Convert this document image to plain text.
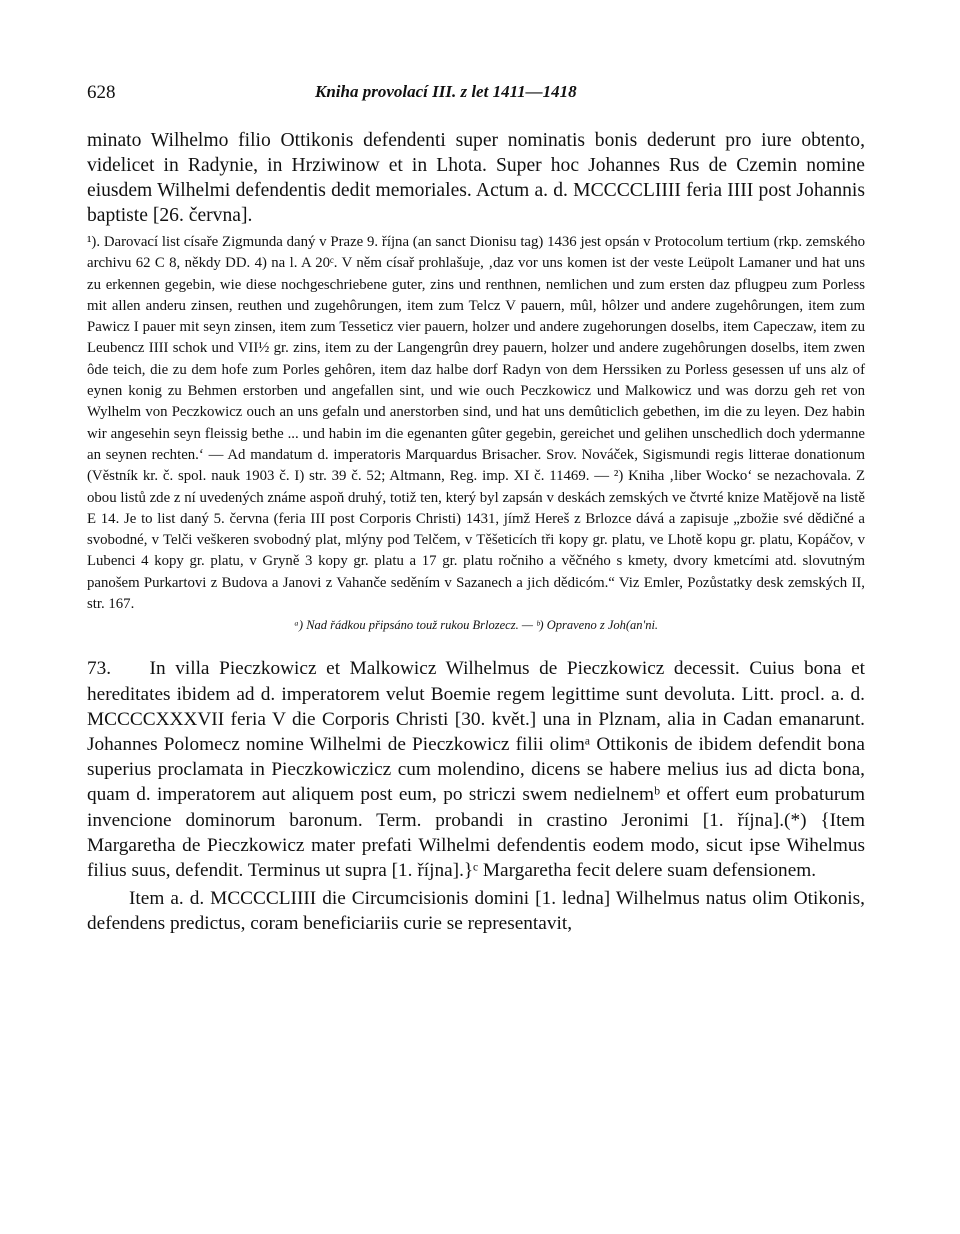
628	Kniha provolací III. z let 1411—1418

minato Wilhelmo filio Ottikonis defendenti super nominatis bonis dederunt pro iure obtento, videlicet in Radynie, in Hrziwinow et in Lhota. Super hoc Johannes Rus de Czemin nomine eiusdem Wilhelmi defendentis dedit memoriales. Actum a. d. MCCCCLIIII feria IIII post Johannis baptiste [26. června].

¹). Darovací list císaře Zigmunda daný v Praze 9. října (an sanct Dionisu tag) 1436 jest opsán v Protocolum tertium (rkp. zemského archivu 62 C 8, někdy DD. 4) na l. A 20ᶜ. V něm císař prohlašuje, ‚daz vor uns komen ist der veste Leüpolt Lamaner und hat uns zu erkennen gegebin, wie diese nochgeschriebene guter, zins und renthnen, nemlichen und zum ersten daz pflugpeu zum Porless mit allen anderu zinsen, reuthen und zugehôrungen, item zum Telcz V pauern, mûl, hôlzer und andere zugehôrungen, item zum Pawicz I pauer mit seyn zinsen, item zum Tesseticz vier pauern, holzer und andere zugehorungen doselbs, item Capeczaw, item zu Leubencz IIII schok und VII½ gr. zins, item zu der Langengrûn drey pauern, holzer und andere zugehôrungen doselbs, item zwen ôde teich, die zu dem hofe zum Porles gehôren, item daz halbe dorf Radyn von dem Herssiken zu Porless gesessen uf uns alz of eynen konig zu Behmen erstorben und angefallen sint, und wie ouch Peczkowicz und Malkowicz und was dorzu geh ret von Wylhelm von Peczkowicz ouch an uns gefaln und anerstorben sind, und hat uns demûticlich gebethen, im die zu leyen. Dez habin wir angesehin seyn fleissig bethe ... und habin im die egenanten gûter gegebin, gereichet und gelihen unschedlich doch ydermanne an seynen rechten.ʻ — Ad mandatum d. imperatoris Marquardus Brisacher. Srov. Nováček, Sigismundi regis litterae donationum (Věstník kr. č. spol. nauk 1903 č. I) str. 39 č. 52; Altmann, Reg. imp. XI č. 11469. — ²) Kniha ‚liber Wockoʻ se nezachovala. Z obou listů zde z ní uvedených známe aspoň druhý, totiž ten, který byl zapsán v deskách zemských ve čtvrté knize Matějově na listě E 14. Je to list daný 5. června (feria III post Corporis Christi) 1431, jímž Hereš z Brlozce dává a zapisuje „zbožie své dědičné a svobodné, v Telči veškeren svobodný plat, mlýny pod Telčem, v Těšeticích tři kopy gr. platu, ve Lhotě kopu gr. platu, Kopáčov, v Lubenci 4 kopy gr. platu, v Gryně 3 kopy gr. platu a 17 gr. platu ročniho a věčného s kmety, dvory kmetcími atd. slovutným panošem Purkartovi z Budova a Janovi z Vahanče seděním v Sazanech a jich dědicóm.“ Viz Emler, Pozůstatky desk zemských II, str. 167.

ᵃ) Nad řádkou připsáno touž rukou Brlozecz. — ᵇ) Opraveno z Joh(an'ni.

73. In villa Pieczkowicz et Malkowicz Wilhelmus de Pieczkowicz decessit. Cuius bona et hereditates ibidem ad d. imperatorem velut Boemie regem legittime sunt devoluta. Litt. procl. a. d. MCCCCXXXVII feria V die Corporis Christi [30. květ.] una in Plznam, alia in Cadan emanarunt. Johannes Polomecz nomine Wilhelmi de Pieczkowicz filii olimᵃ Ottikonis de ibidem defendit bona superius proclamata in Pieczkowiczicz cum molendino, dicens se habere melius ius ad dicta bona, quam d. imperatorem aut aliquem post eum, po striczi swem nedielnemᵇ et offert eum probaturum invencione dominorum baronum. Term. probandi in crastino Jeronimi [1. října].(*) {Item Margaretha de Pieczkowicz mater prefati Wilhelmi defendentis eodem modo, sicut ipse Wihelmus filius suus, defendit. Terminus ut supra [1. října].}ᶜ Margaretha fecit delere suam defensionem.

Item a. d. MCCCCLIIII die Circumcisionis domini [1. ledna] Wilhelmus natus olim Otikonis, defendens predictus, coram beneficiariis curie se representavit,
